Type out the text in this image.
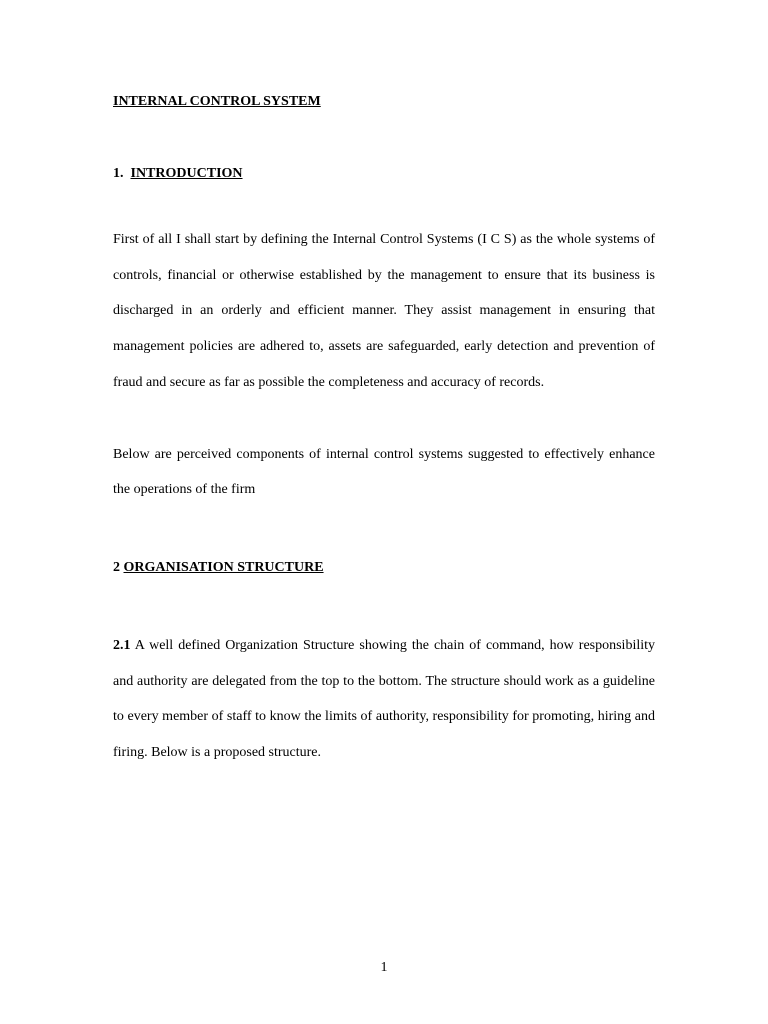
INTERNAL CONTROL SYSTEM

1. INTRODUCTION

First of all I shall start by defining the Internal Control Systems (I C S) as the whole systems of controls, financial or otherwise established by the management to ensure that its business is discharged in an orderly and efficient manner. They assist management in ensuring that management policies are adhered to, assets are safeguarded, early detection and prevention of fraud and secure as far as possible the completeness and accuracy of records.

Below are perceived components of internal control systems suggested to effectively enhance the operations of the firm

2 ORGANISATION STRUCTURE

2.1 A well defined Organization Structure showing the chain of command, how responsibility and authority are delegated from the top to the bottom. The structure should work as a guideline to every member of staff to know the limits of authority, responsibility for promoting, hiring and firing. Below is a proposed structure.

1
